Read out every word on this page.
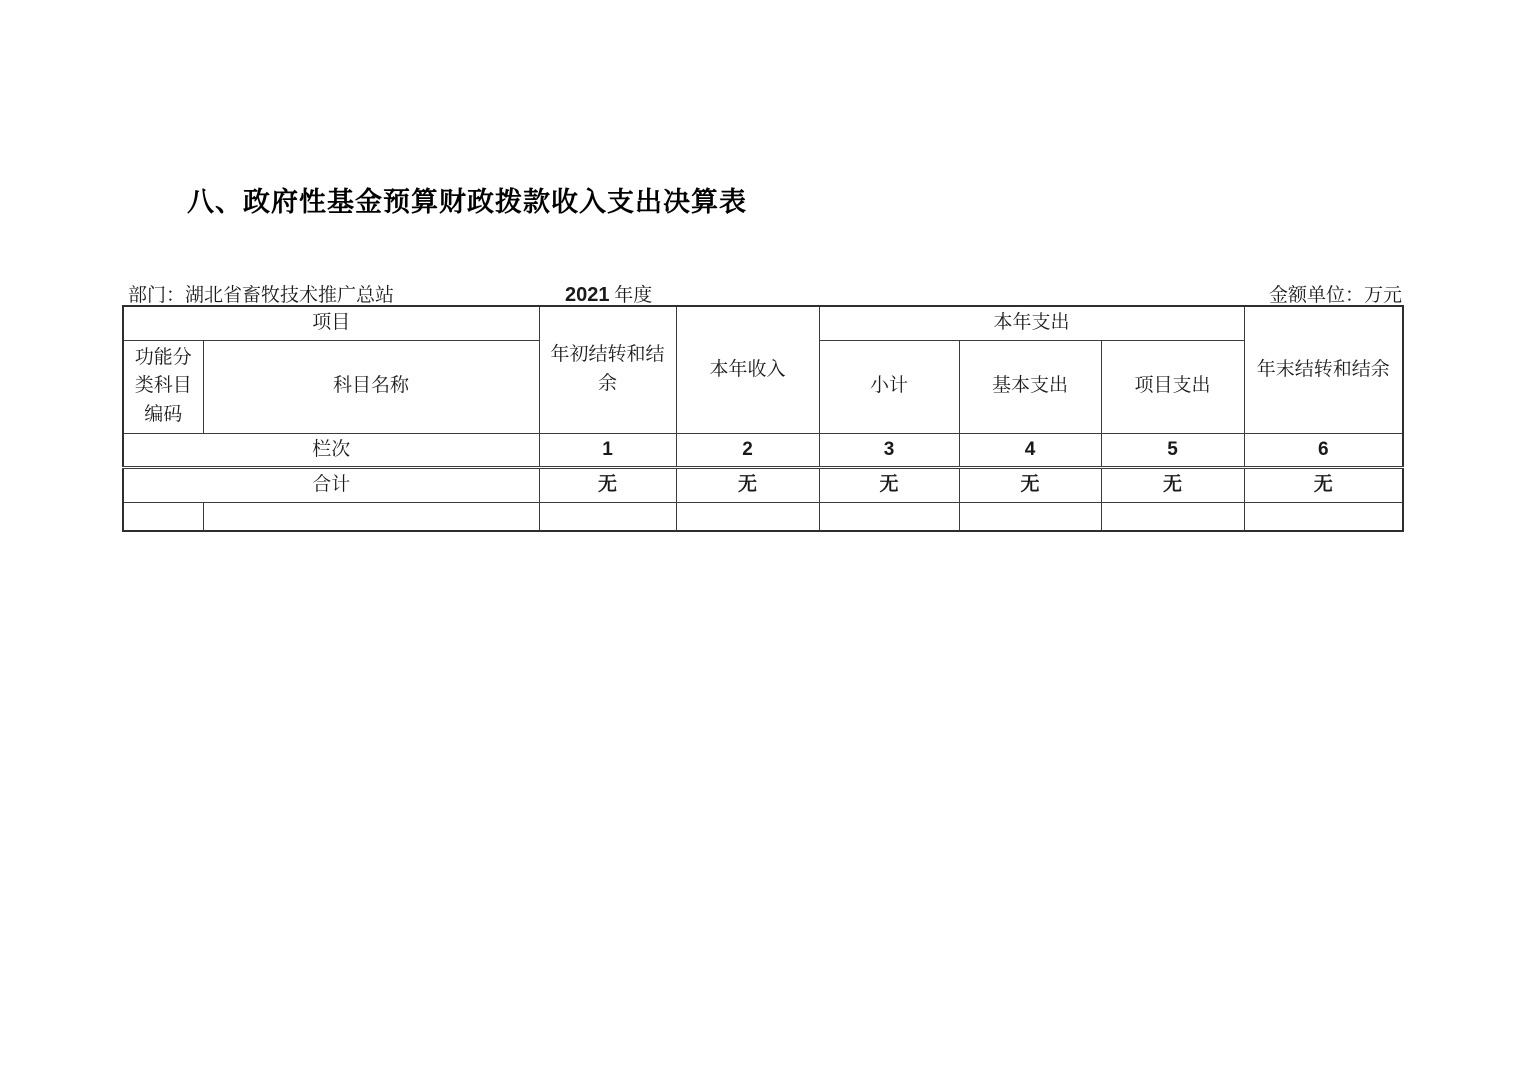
八、政府性基金预算财政拨款收入支出决算表
部门：湖北省畜牧技术推广总站	2021 年度	金额单位：万元
项目		年初结转和结余	本年收入	本年支出			年末结转和结余
功能分类科目编码	科目名称			小计	基本支出	项目支出	
栏次		1	2	3	4	5	6
合计		无	无	无	无	无	无
